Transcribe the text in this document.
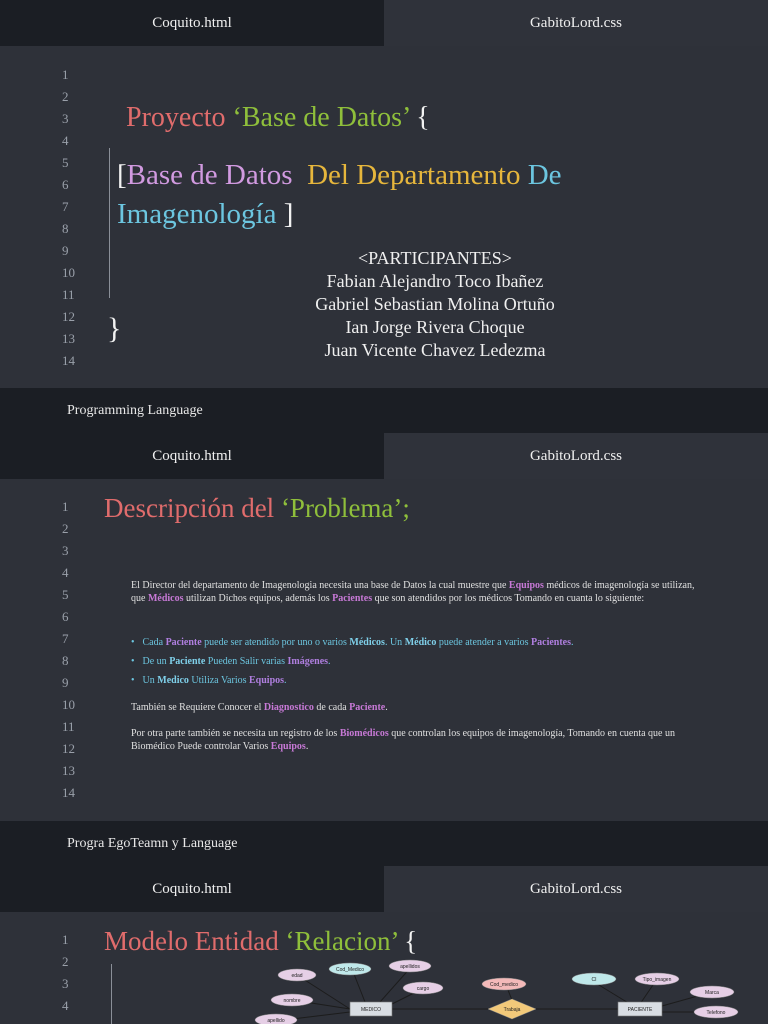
Coquito.html	GabitoLord.css
1
2
3
4
5
6
7
8
9
10
11
12
13
14
Proyecto ‘Base de Datos’ {
[Base de Datos Del Departamento De
Imagenología ]
<PARTICIPANTES>
Fabian Alejandro Toco Ibañez
Gabriel Sebastian Molina Ortuño
Ian Jorge Rivera Choque
Juan Vicente Chavez Ledezma
}
Programming Language
Coquito.html	GabitoLord.css
1
2
3
4
5
6
7
8
9
10
11
12
13
14
Descripción del ‘Problema’;
El Director del departamento de Imagenologia necesita una base de Datos la cual muestre que Equipos médicos de imagenología se utilizan, que Médicos utilizan Dichos equipos, además los Pacientes que son atendidos por los médicos Tomando en cuanta lo siguiente:
• Cada Paciente puede ser atendido por uno o varios Médicos. Un Médico puede atender a varios Pacientes.
• De un Paciente Pueden Salir varias Imágenes.
• Un Medico Utiliza Varios Equipos.
También se Requiere Conocer el Diagnostico de cada Paciente.
Por otra parte también se necesita un registro de los Biomédicos que controlan los equipos de imagenología, Tomando en cuenta que un Biomédico Puede controlar Varios Equipos.
Progra EgoTeamn y Language
Coquito.html	GabitoLord.css
1
2
3
4
Modelo Entidad ‘Relacion’ {
edad
Cod_Medico	apellidos
nombre
cargo
apellido
MEDICO
Cod_medico
Trabaja
CI	Tipo_imagen
Marca
Telefono
PACIENTE
